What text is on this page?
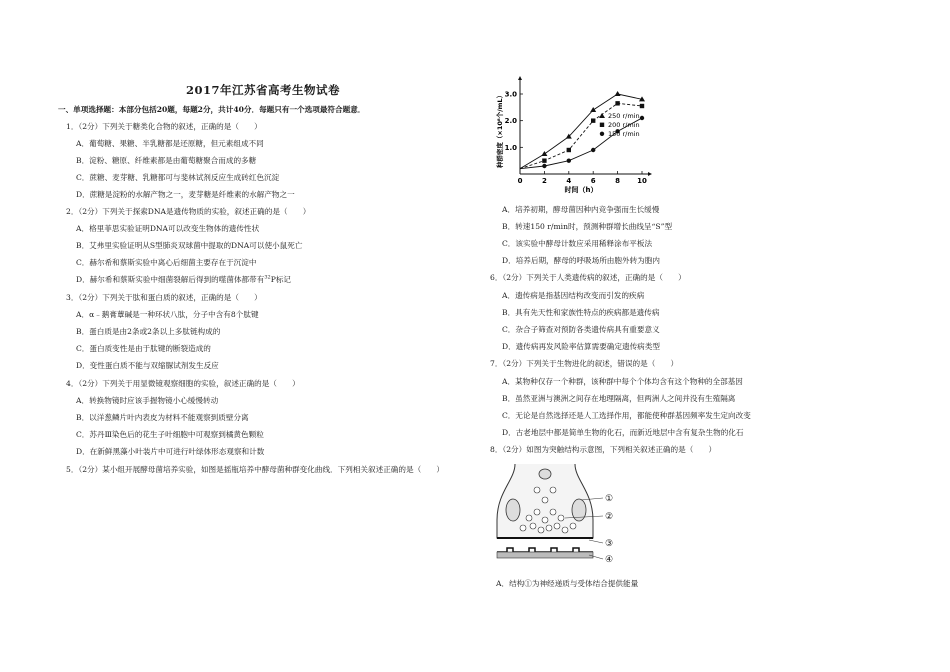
2017年江苏省高考生物试卷
一、单项选择题：本部分包括20题，每题2分，共计40分．每题只有一个选项最符合题意．
1．（2分）下列关于糖类化合物的叙述，正确的是（　　）
A．葡萄糖、果糖、半乳糖都是还原糖，但元素组成不同
B．淀粉、糖原、纤维素都是由葡萄糖聚合而成的多糖
C．蔗糖、麦芽糖、乳糖都可与斐林试剂反应生成砖红色沉淀
D．蔗糖是淀粉的水解产物之一，麦芽糖是纤维素的水解产物之一
2．（2分）下列关于探索DNA是遗传物质的实验，叙述正确的是（　　）
A．格里菲思实验证明DNA可以改变生物体的遗传性状
B．艾弗里实验证明从S型肺炎双球菌中提取的DNA可以使小鼠死亡
C．赫尔希和蔡斯实验中离心后细菌主要存在于沉淀中
D．赫尔希和蔡斯实验中细菌裂解后得到的噬菌体都带有$^{32}$P标记
3．（2分）下列关于肽和蛋白质的叙述，正确的是（　　）
A．α﹣鹅膏蕈碱是一种环状八肽，分子中含有8个肽键
B．蛋白质是由2条或2条以上多肽链构成的
C．蛋白质变性是由于肽键的断裂造成的
D．变性蛋白质不能与双缩脲试剂发生反应
4．（2分）下列关于用显微镜观察细胞的实验，叙述正确的是（　　）
A．转换物镜时应该手握物镜小心缓慢转动
B．以洋葱鳞片叶内表皮为材料不能观察到质壁分离
C．苏丹Ⅲ染色后的花生子叶细胞中可观察到橘黄色颗粒
D．在新鲜黑藻小叶装片中可进行叶绿体形态观察和计数
5．（2分）某小组开展酵母菌培养实验，如图是摇瓶培养中酵母菌种群变化曲线．下列相关叙述正确的是（　　）
1.0
2.0
3.0
0	2	4	6	8 10
时间（h）
种群密度（×10⁸个/mL）	250 r/min
200 r/min
150 r/min
A．培养初期，酵母菌因种内竞争强而生长缓慢
B．转速150 r/min时，预测种群增长曲线呈“S”型
C．该实验中酵母计数应采用稀释涂布平板法
D．培养后期，酵母的呼吸场所由胞外转为胞内
6．（2分）下列关于人类遗传病的叙述，正确的是（　　）
A．遗传病是指基因结构改变而引发的疾病
B．具有先天性和家族性特点的疾病都是遗传病
C．杂合子筛查对预防各类遗传病具有重要意义
D．遗传病再发风险率估算需要确定遗传病类型
7．（2分）下列关于生物进化的叙述，错误的是（　　）
A．某物种仅存一个种群，该种群中每个个体均含有这个物种的全部基因
B．虽然亚洲与澳洲之间存在地理隔离，但两洲人之间并没有生殖隔离
C．无论是自然选择还是人工选择作用，都能使种群基因频率发生定向改变
D．古老地层中都是简单生物的化石，而新近地层中含有复杂生物的化石
8．（2分）如图为突触结构示意图，下列相关叙述正确的是（　　）
A．结构①为神经递质与受体结合提供能量
①
②
③
④
